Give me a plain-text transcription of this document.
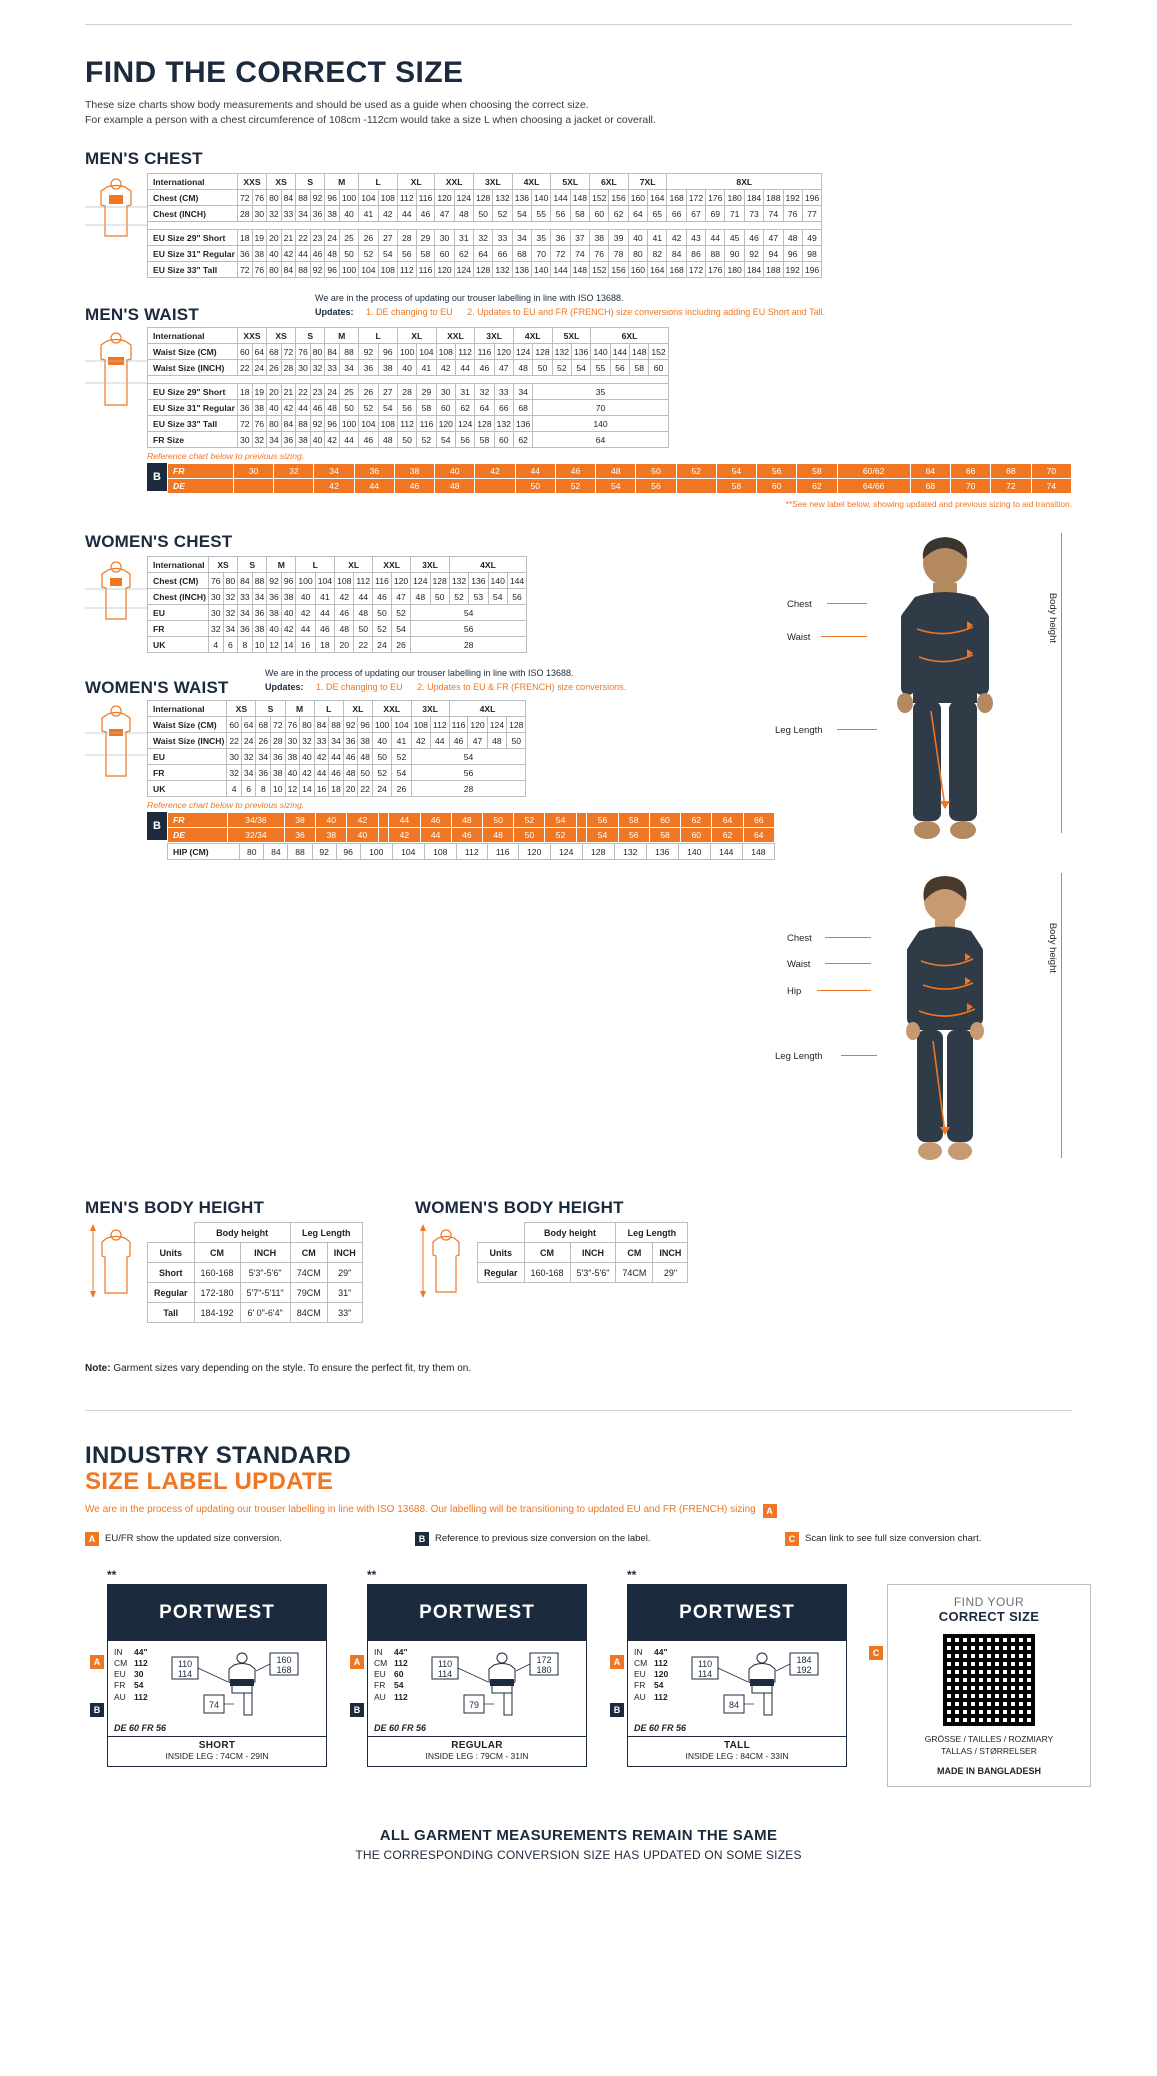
FIND THE CORRECT SIZE
These size charts show body measurements and should be used as a guide when choosing the correct size.
For example a person with a chest circumference of 108cm -112cm would take a size L when choosing a jacket or coverall.
MEN'S CHEST
International	XXS		XS		S		M		L		XL		XXL		3XL		4XL		5XL		6XL		7XL		8XL							
Chest (CM)	72	76	80	84	88	92	96	100	104	108	112	116	120	124	128	132	136	140	144	148	152	156	160	164	168	172	176	180	184	188	192	196
Chest (INCH)	28	30	32	33	34	36	38	40	41	42	44	46	47	48	50	52	54	55	56	58	60	62	64	65	66	67	69	71	73	74	76	77

EU Size 29" Short	18	19	20	21	22	23	24	25	26	27	28	29	30	31	32	33	34	35	36	37	38	39	40	41	42	43	44	45	46	47	48	49
EU Size 31" Regular	36	38	40	42	44	46	48	50	52	54	56	58	60	62	64	66	68	70	72	74	76	78	80	82	84	86	88	90	92	94	96	98
EU Size 33" Tall	72	76	80	84	88	92	96	100	104	108	112	116	120	124	128	132	136	140	144	148	152	156	160	164	168	172	176	180	184	188	192	196
MEN'S WAIST
We are in the process of updating our trouser labelling in line with ISO 13688.
Updates: 1. DE changing to EU 2. Updates to EU and FR (FRENCH) size conversions including adding EU Short and Tall.
International	XXS		XS		S		M		L		XL		XXL		3XL		4XL		5XL		6XL			
Waist Size (CM)	60	64	68	72	76	80	84	88	92	96	100	104	108	112	116	120	124	128	132	136	140	144	148	152
Waist Size (INCH)	22	24	26	28	30	32	33	34	36	38	40	41	42	44	46	47	48	50	52	54	55	56	58	60

EU Size 29" Short	18	19	20	21	22	23	24	25	26	27	28	29	30	31	32	33	34	35						
EU Size 31" Regular	36	38	40	42	44	46	48	50	52	54	56	58	60	62	64	66	68	70						
EU Size 33" Tall	72	76	80	84	88	92	96	100	104	108	112	116	120	124	128	132	136	140						
FR Size	30	32	34	36	38	40	42	44	46	48	50	52	54	56	58	60	62	64						
Reference chart below to previous sizing.
B	FR	30	32	34	36	38	40	42	44	46	48	50	52	54	56	58	60/62	64	66	68	70
DE			42	44	46	48		50	52	54	56		58	60	62	64/66	68	70	72	74
**See new label below, showing updated and previous sizing to aid transition.
WOMEN'S CHEST
International	XS		S		M		L		XL		XXL		3XL		4XL			
Chest (CM)	76	80	84	88	92	96	100	104	108	112	116	120	124	128	132	136	140	144
Chest (INCH)	30	32	33	34	36	38	40	41	42	44	46	47	48	50	52	53	54	56
EU	30	32	34	36	38	40	42	44	46	48	50	52	54					
FR	32	34	36	38	40	42	44	46	48	50	52	54	56					
UK	4	6	8	10	12	14	16	18	20	22	24	26	28					
WOMEN'S WAIST
We are in the process of updating our trouser labelling in line with ISO 13688.
Updates: 1. DE changing to EU 2. Updates to EU & FR (FRENCH) size conversions.
International	XS		S		M		L		XL		XXL		3XL		4XL			
Waist Size (CM)	60	64	68	72	76	80	84	88	92	96	100	104	108	112	116	120	124	128
Waist Size (INCH)	22	24	26	28	30	32	33	34	36	38	40	41	42	44	46	47	48	50
EU	30	32	34	36	38	40	42	44	46	48	50	52	54					
FR	32	34	36	38	40	42	44	46	48	50	52	54	56					
UK	4	6	8	10	12	14	16	18	20	22	24	26	28					
Reference chart below to previous sizing.
B	FR	34/36	38	40	42		44	46	48	50	52	54		56	58	60	62	64	66
DE	32/34	36	38	40		42	44	46	48	50	52		54	56	58	60	62	64
HIP (CM)	80	84	88	92	96	100	104	108	112	116	120	124	128	132	136	140	144	148
Chest
Waist
Leg Length
Body height
Chest
Waist
Hip
Leg Length
Body height
MEN'S BODY HEIGHT
	Body height		Leg Length	
Units	CM	INCH	CM	INCH
Short	160-168	5'3"-5'6"	74CM	29"
Regular	172-180	5'7"-5'11"	79CM	31"
Tall	184-192	6' 0"-6'4"	84CM	33"
WOMEN'S BODY HEIGHT
	Body height		Leg Length	
Units	CM	INCH	CM	INCH
Regular	160-168	5'3"-5'6"	74CM	29"
Note: Garment sizes vary depending on the style. To ensure the perfect fit, try them on.
INDUSTRY STANDARD
SIZE LABEL UPDATE
We are in the process of updating our trouser labelling in line with ISO 13688. Our labelling will be transitioning to updated EU and FR (FRENCH) sizing A
A	EU/FR show the updated size conversion.	B	Reference to previous size conversion on the label.	C	Scan link to see full size conversion chart.
**
PORTWEST
IN 44"
CM 112
EU 30
FR 54
AU 112
110
114
160
168
74
DE 60 FR 56
SHORT
INSIDE LEG : 74CM - 29IN
A
B
**
PORTWEST
IN 44"
CM 112
EU 60
FR 54
AU 112
110
114
172
180
79
DE 60 FR 56
REGULAR
INSIDE LEG : 79CM - 31IN
A
B
**
PORTWEST
IN 44"
CM 112
EU 120
FR 54
AU 112
110
114
184
192
84
DE 60 FR 56
TALL
INSIDE LEG : 84CM - 33IN
A
B
C
FIND YOUR
CORRECT SIZE
GRÖSSE / TAILLES / ROZMIARY
TALLAS / STØRRELSER
MADE IN BANGLADESH
ALL GARMENT MEASUREMENTS REMAIN THE SAME
THE CORRESPONDING CONVERSION SIZE HAS UPDATED ON SOME SIZES
